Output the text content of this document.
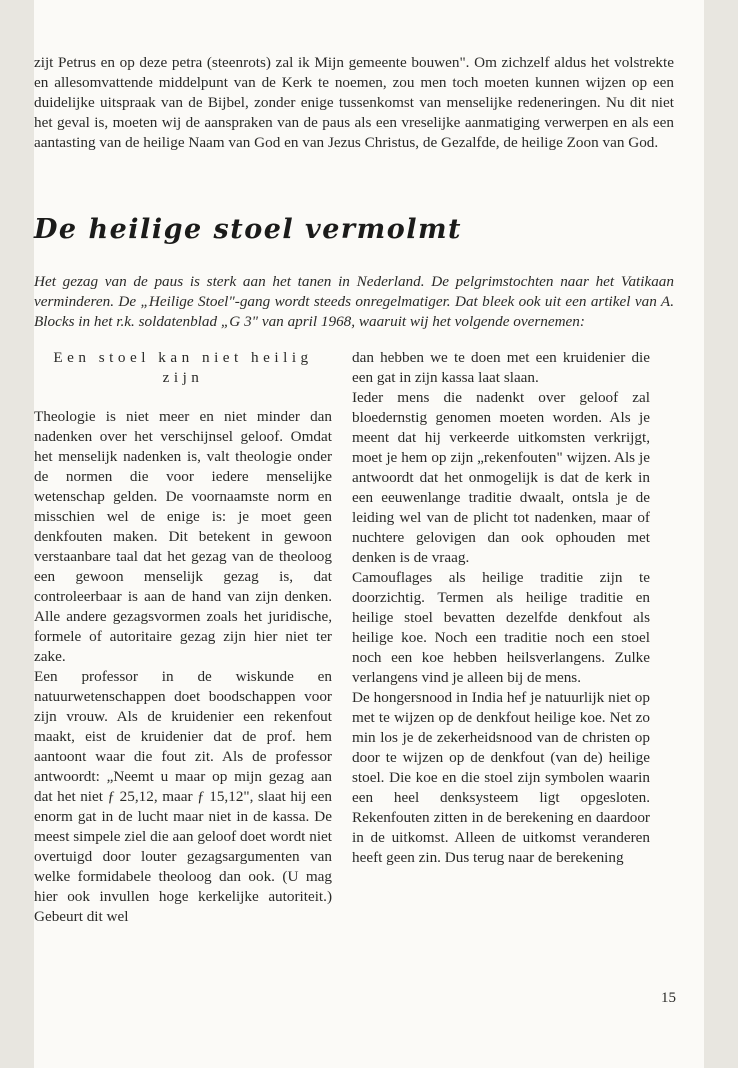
zijt Petrus en op deze petra (steenrots) zal ik Mijn gemeente bouwen". Om zichzelf aldus het volstrekte en allesomvattende middelpunt van de Kerk te noemen, zou men toch moeten kunnen wijzen op een duidelijke uitspraak van de Bijbel, zonder enige tussenkomst van menselijke redeneringen. Nu dit niet het geval is, moeten wij de aanspraken van de paus als een vreselijke aanmatiging verwerpen en als een aantasting van de heilige Naam van God en van Jezus Christus, de Gezalfde, de heilige Zoon van God.

De heilige stoel vermolmt

Het gezag van de paus is sterk aan het tanen in Nederland. De pelgrimstochten naar het Vatikaan verminderen. De „Heilige Stoel"-gang wordt steeds onregelmatiger. Dat bleek ook uit een artikel van A. Blocks in het r.k. soldatenblad „G 3" van april 1968, waaruit wij het volgende overnemen:

Een stoel kan niet heilig zijn

Theologie is niet meer en niet minder dan nadenken over het verschijnsel geloof. Omdat het menselijk nadenken is, valt theologie onder de normen die voor iedere menselijke wetenschap gelden. De voornaamste norm en misschien wel de enige is: je moet geen denkfouten maken. Dit betekent in gewoon verstaanbare taal dat het gezag van de theoloog een gewoon menselijk gezag is, dat controleerbaar is aan de hand van zijn denken. Alle andere gezagsvormen zoals het juridische, formele of autoritaire gezag zijn hier niet ter zake.

Een professor in de wiskunde en natuurwetenschappen doet boodschappen voor zijn vrouw. Als de kruidenier een rekenfout maakt, eist de kruidenier dat de prof. hem aantoont waar die fout zit. Als de professor antwoordt: „Neemt u maar op mijn gezag aan dat het niet ƒ 25,12, maar ƒ 15,12", slaat hij een enorm gat in de lucht maar niet in de kassa. De meest simpele ziel die aan geloof doet wordt niet overtuigd door louter gezagsargumenten van welke formidabele theoloog dan ook. (U mag hier ook invullen hoge kerkelijke autoriteit.) Gebeurt dit wel

dan hebben we te doen met een kruidenier die een gat in zijn kassa laat slaan.

Ieder mens die nadenkt over geloof zal bloedernstig genomen moeten worden. Als je meent dat hij verkeerde uitkomsten verkrijgt, moet je hem op zijn „rekenfouten" wijzen. Als je antwoordt dat het onmogelijk is dat de kerk in een eeuwenlange traditie dwaalt, ontsla je de leiding wel van de plicht tot nadenken, maar of nuchtere gelovigen dan ook ophouden met denken is de vraag.

Camouflages als heilige traditie zijn te doorzichtig. Termen als heilige traditie en heilige stoel bevatten dezelfde denkfout als heilige koe. Noch een traditie noch een stoel noch een koe hebben heilsverlangens. Zulke verlangens vind je alleen bij de mens.

De hongersnood in India hef je natuurlijk niet op met te wijzen op de denkfout heilige koe. Net zo min los je de zekerheidsnood van de christen op door te wijzen op de denkfout (van de) heilige stoel. Die koe en die stoel zijn symbolen waarin een heel denksysteem ligt opgesloten. Rekenfouten zitten in de berekening en daardoor in de uitkomst. Alleen de uitkomst veranderen heeft geen zin. Dus terug naar de berekening

15
